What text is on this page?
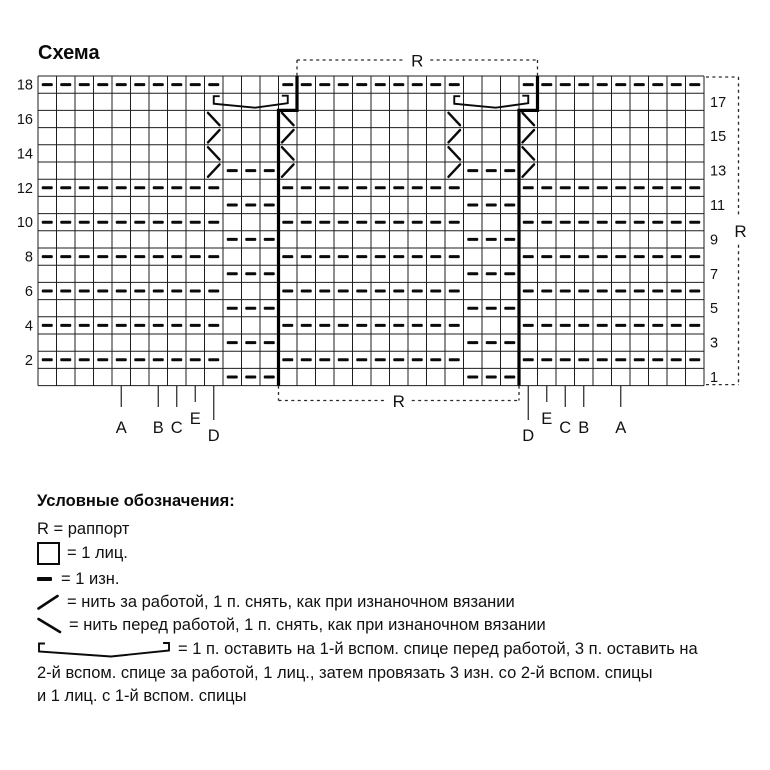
Схема	R
R
R
18
16
14
12
10
8
6
4
2
17
15
13
11
9
7
5
3
1
A B C E
D	D
E C B A
Условные обозначения:
R = раппорт
= 1 лиц.
= 1 изн.
= нить за работой, 1 п. снять, как при изнаночном вязании
= нить перед работой, 1 п. снять, как при изнаночном вязании
= 1 п. оставить на 1-й вспом. спице перед работой, 3 п. оставить на
2-й вспом. спице за работой, 1 лиц., затем провязать 3 изн. со 2-й вспом. спицы
и 1 лиц. с 1-й вспом. спицы
